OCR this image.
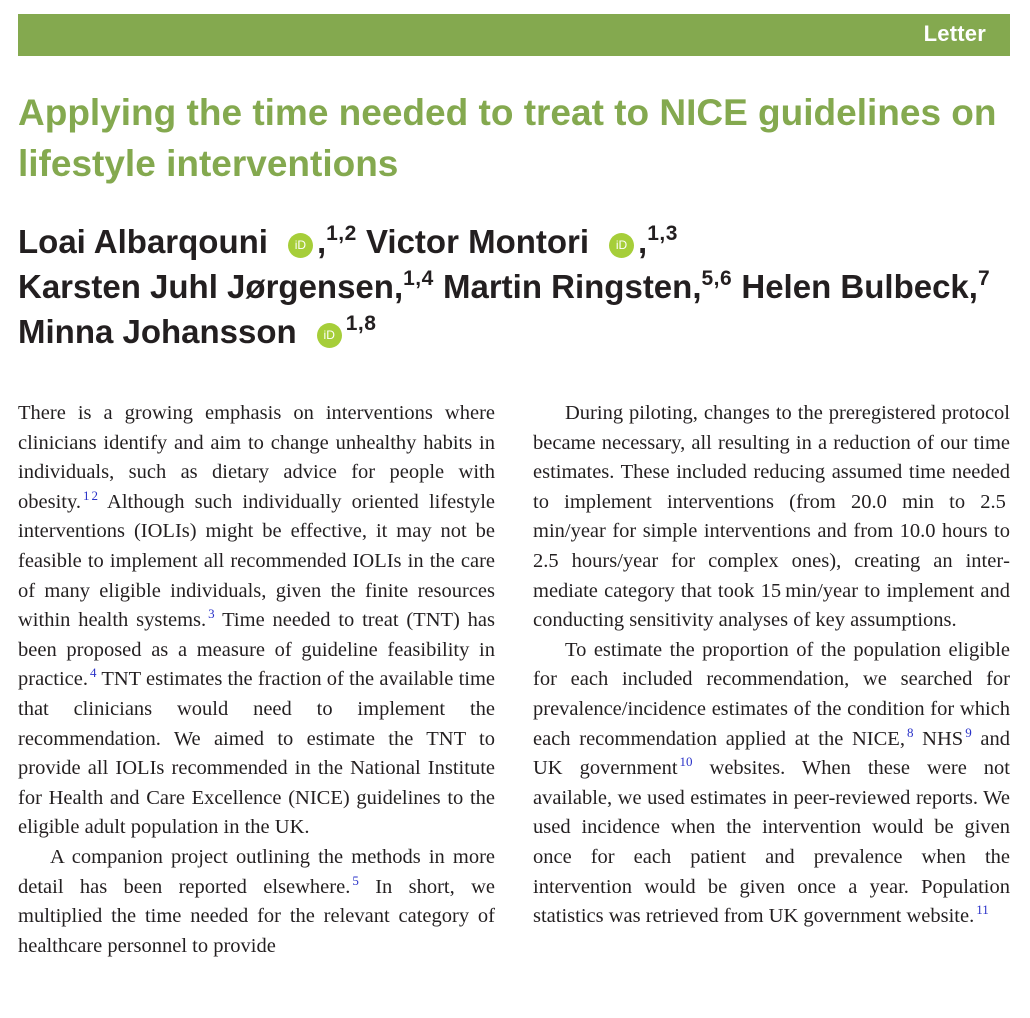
Letter
Applying the time needed to treat to NICE guidelines on lifestyle interventions
Loai Albarqouni iD ,$^{1,2}$ Victor Montori iD ,$^{1,3}$
Karsten Juhl Jørgensen,$^{1,4}$ Martin Ringsten,$^{5,6}$ Helen Bulbeck,$^7$
Minna Johansson iD $^{1,8}$

There is a growing emphasis on interventions where clinicians identify and aim to change unhealthy habits in individuals, such as dietary advice for people with obesity. $^1$ $^2$ Although such individually oriented lifestyle interventions (IOLIs) might be effective, it may not be feasible to implement all recommended IOLIs in the care of many eligible individuals, given the finite resources within health systems. $^3$ Time needed to treat (TNT) has been proposed as a measure of guideline feasibility in practice. $^4$ TNT estimates the fraction of the available time that clinicians would need to implement the recommendation. We aimed to estimate the TNT to provide all IOLIs recommended in the National Institute for Health and Care Excellence (NICE) guidelines to the eligible adult population in the UK.

A companion project outlining the methods in more detail has been reported elsewhere. $^5$ In short, we multiplied the time needed for the relevant category of healthcare personnel to provide

During piloting, changes to the preregistered protocol became necessary, all resulting in a reduction of our time estimates. These included reducing assumed time needed to implement interventions (from 20.0 min to 2.5 min/year for simple interventions and from 10.0 hours to 2.5 hours/year for complex ones), creating an intermediate category that took 15 min/year to implement and conducting sensitivity analyses of key assumptions.

To estimate the proportion of the population eligible for each included recommendation, we searched for prevalence/incidence estimates of the condition for which each recommendation applied at the NICE, $^8$ NHS $^9$ and UK government $^{10}$ websites. When these were not available, we used estimates in peer-reviewed reports. We used incidence when the intervention would be given once for each patient and prevalence when the intervention would be given once a year. Population statistics was retrieved from UK government website. $^{11}$
